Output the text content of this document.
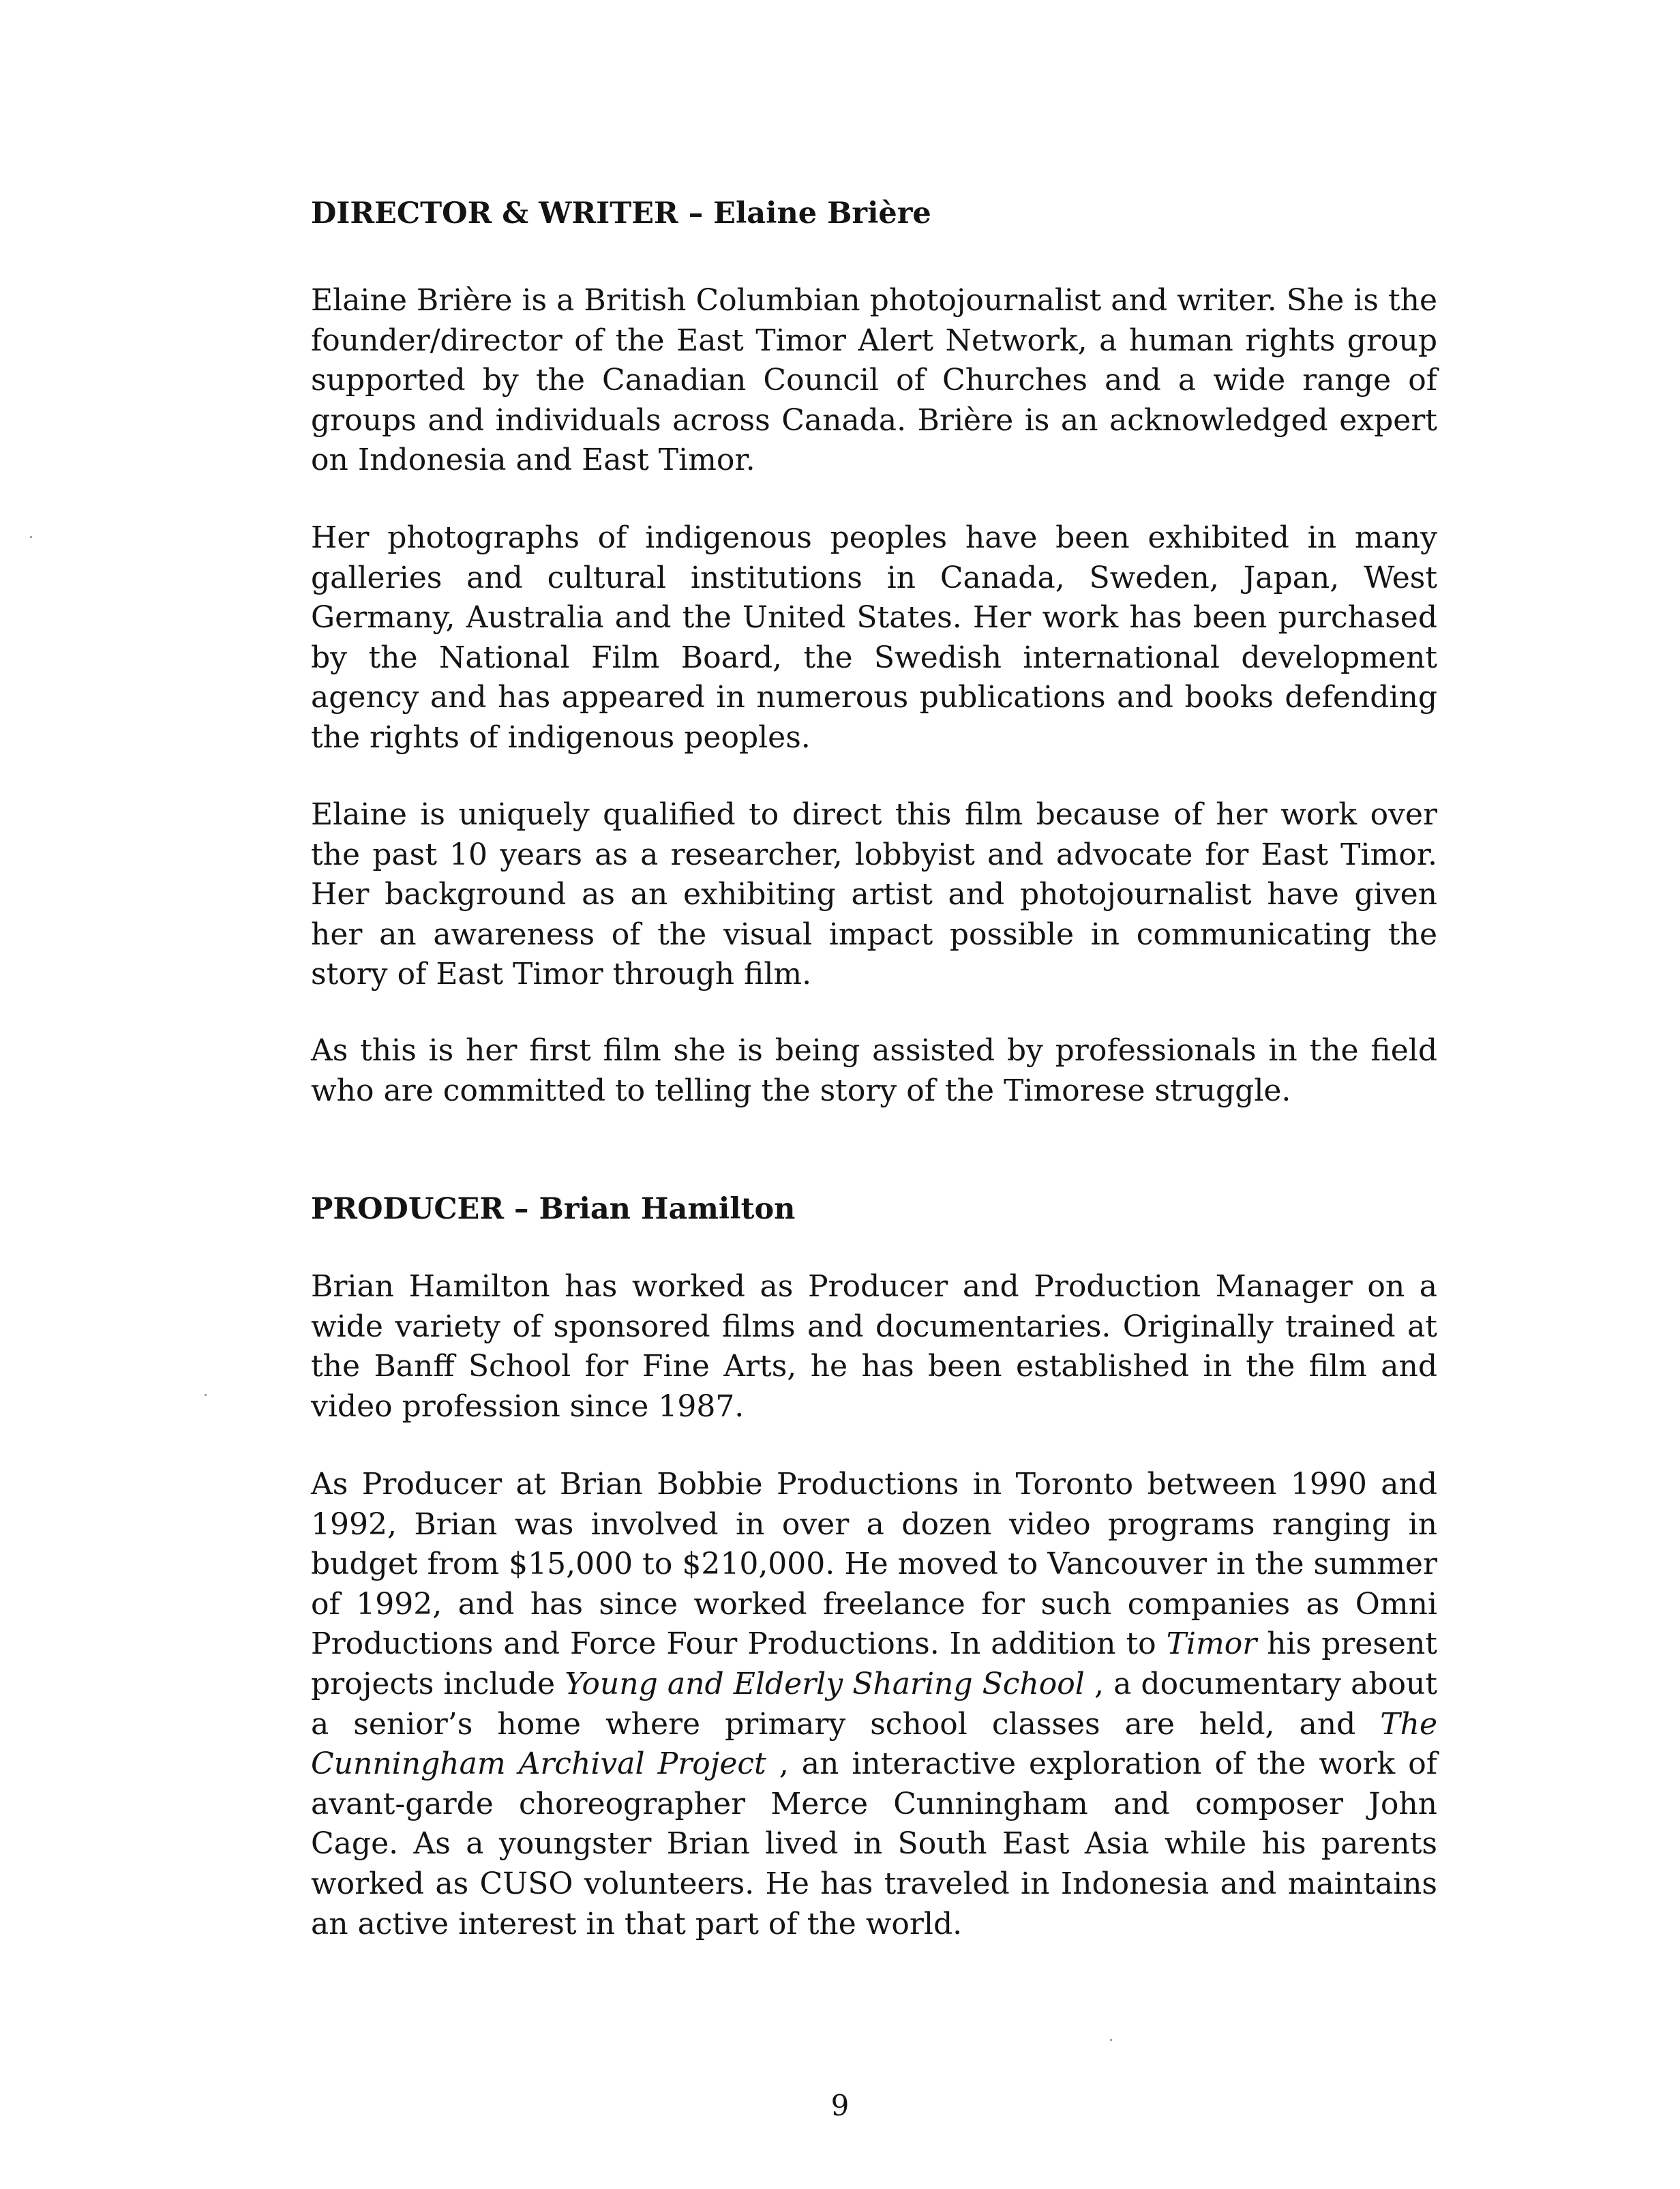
DIRECTOR & WRITER – Elaine Brière

Elaine Brière is a British Columbian photojournalist and writer. She is the founder/director of the East Timor Alert Network, a human rights group supported by the Canadian Council of Churches and a wide range of groups and individuals across Canada. Brière is an acknowledged expert on Indonesia and East Timor.

Her photographs of indigenous peoples have been exhibited in many galleries and cultural institutions in Canada, Sweden, Japan, West Germany, Australia and the United States. Her work has been purchased by the National Film Board, the Swedish international development agency and has appeared in numerous publications and books defending the rights of indigenous peoples.

Elaine is uniquely qualified to direct this film because of her work over the past 10 years as a researcher, lobbyist and advocate for East Timor. Her background as an exhibiting artist and photojournalist have given her an awareness of the visual impact possible in communicating the story of East Timor through film.

As this is her first film she is being assisted by professionals in the field who are committed to telling the story of the Timorese struggle.

PRODUCER – Brian Hamilton

Brian Hamilton has worked as Producer and Production Manager on a wide variety of sponsored films and documentaries. Originally trained at the Banff School for Fine Arts, he has been established in the film and video profession since 1987.

As Producer at Brian Bobbie Productions in Toronto between 1990 and 1992, Brian was involved in over a dozen video programs ranging in budget from $15,000 to $210,000. He moved to Vancouver in the summer of 1992, and has since worked freelance for such companies as Omni Productions and Force Four Productions. In addition to Timor his present projects include Young and Elderly Sharing School , a documentary about a senior’s home where primary school classes are held, and The Cunningham Archival Project , an interactive exploration of the work of avant-garde choreographer Merce Cunningham and composer John Cage. As a youngster Brian lived in South East Asia while his parents worked as CUSO volunteers. He has traveled in Indonesia and maintains an active interest in that part of the world.

9
